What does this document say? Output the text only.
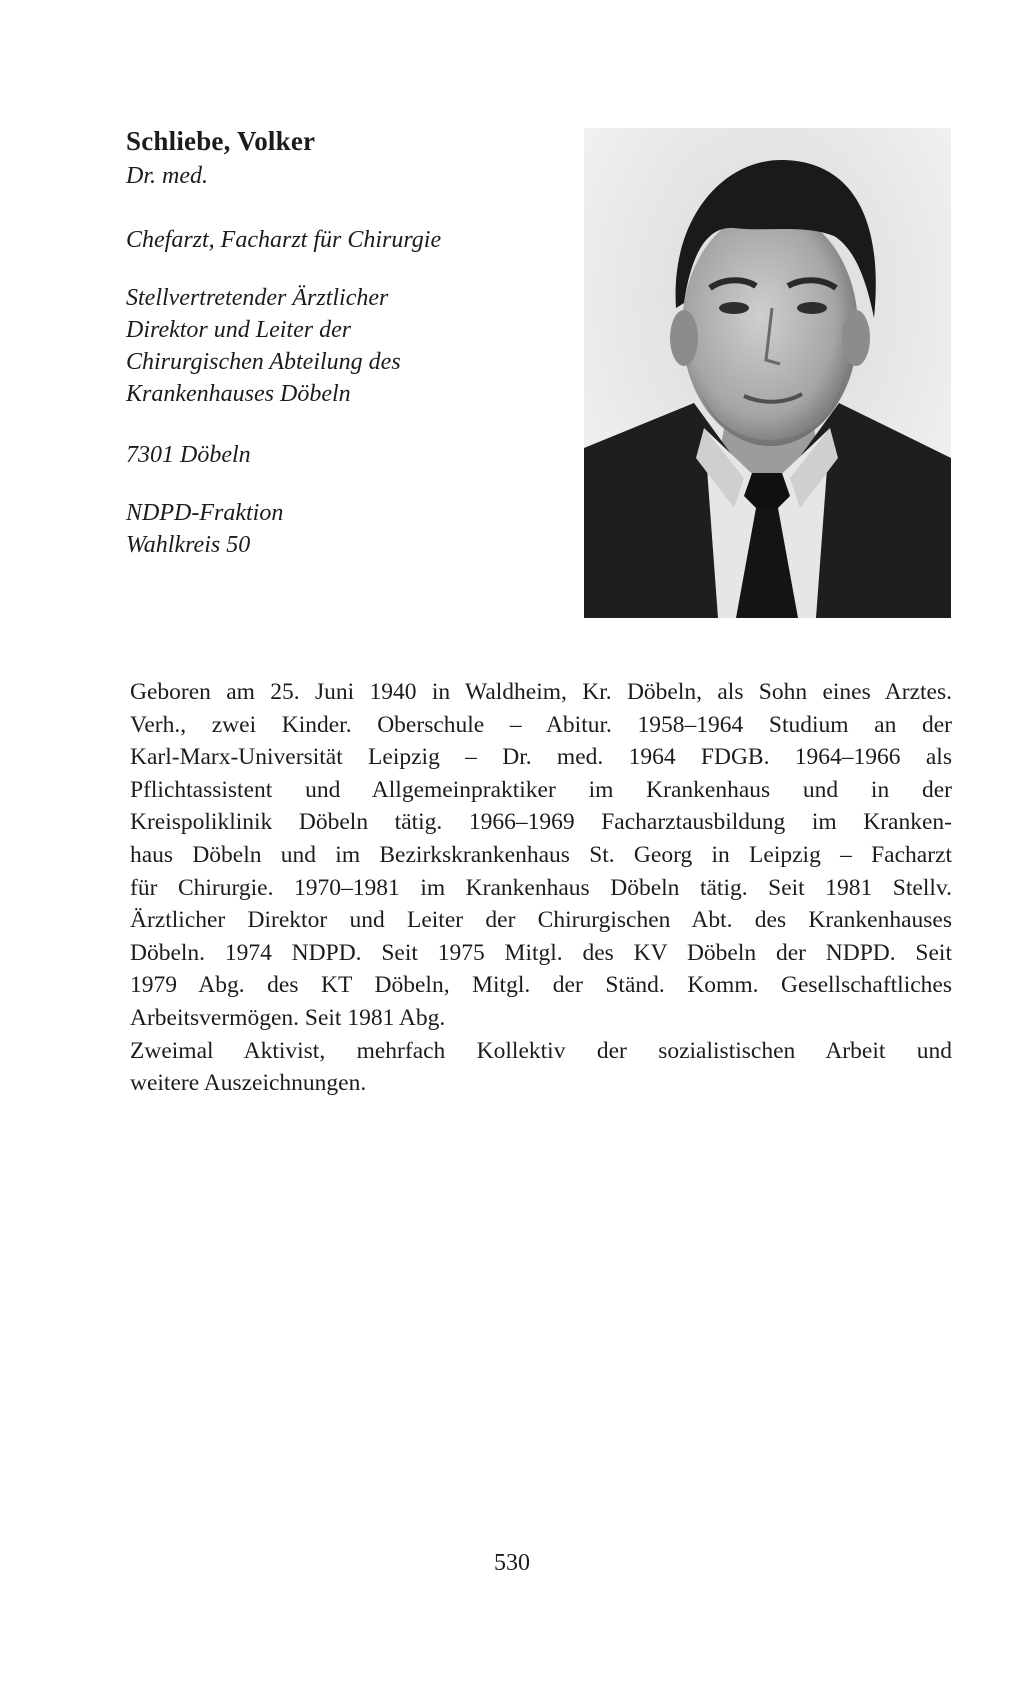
Schliebe, Volker
Dr. med.
Chefarzt, Facharzt für Chirurgie
Stellvertretender Ärztlicher
Direktor und Leiter der
Chirurgischen Abteilung des
Krankenhauses Döbeln
7301 Döbeln
NDPD-Fraktion
Wahlkreis 50
Geboren am 25. Juni 1940 in Waldheim, Kr. Döbeln, als Sohn eines Arztes.
Verh., zwei Kinder. Oberschule – Abitur. 1958–1964 Studium an der
Karl-Marx-Universität Leipzig – Dr. med. 1964 FDGB. 1964–1966 als
Pflichtassistent und Allgemeinpraktiker im Krankenhaus und in der
Kreispoliklinik Döbeln tätig. 1966–1969 Facharztausbildung im Kranken-
haus Döbeln und im Bezirkskrankenhaus St. Georg in Leipzig – Facharzt
für Chirurgie. 1970–1981 im Krankenhaus Döbeln tätig. Seit 1981 Stellv.
Ärztlicher Direktor und Leiter der Chirurgischen Abt. des Krankenhauses
Döbeln. 1974 NDPD. Seit 1975 Mitgl. des KV Döbeln der NDPD. Seit
1979 Abg. des KT Döbeln, Mitgl. der Ständ. Komm. Gesellschaftliches
Arbeitsvermögen. Seit 1981 Abg.
Zweimal Aktivist, mehrfach Kollektiv der sozialistischen Arbeit und
weitere Auszeichnungen.
530
